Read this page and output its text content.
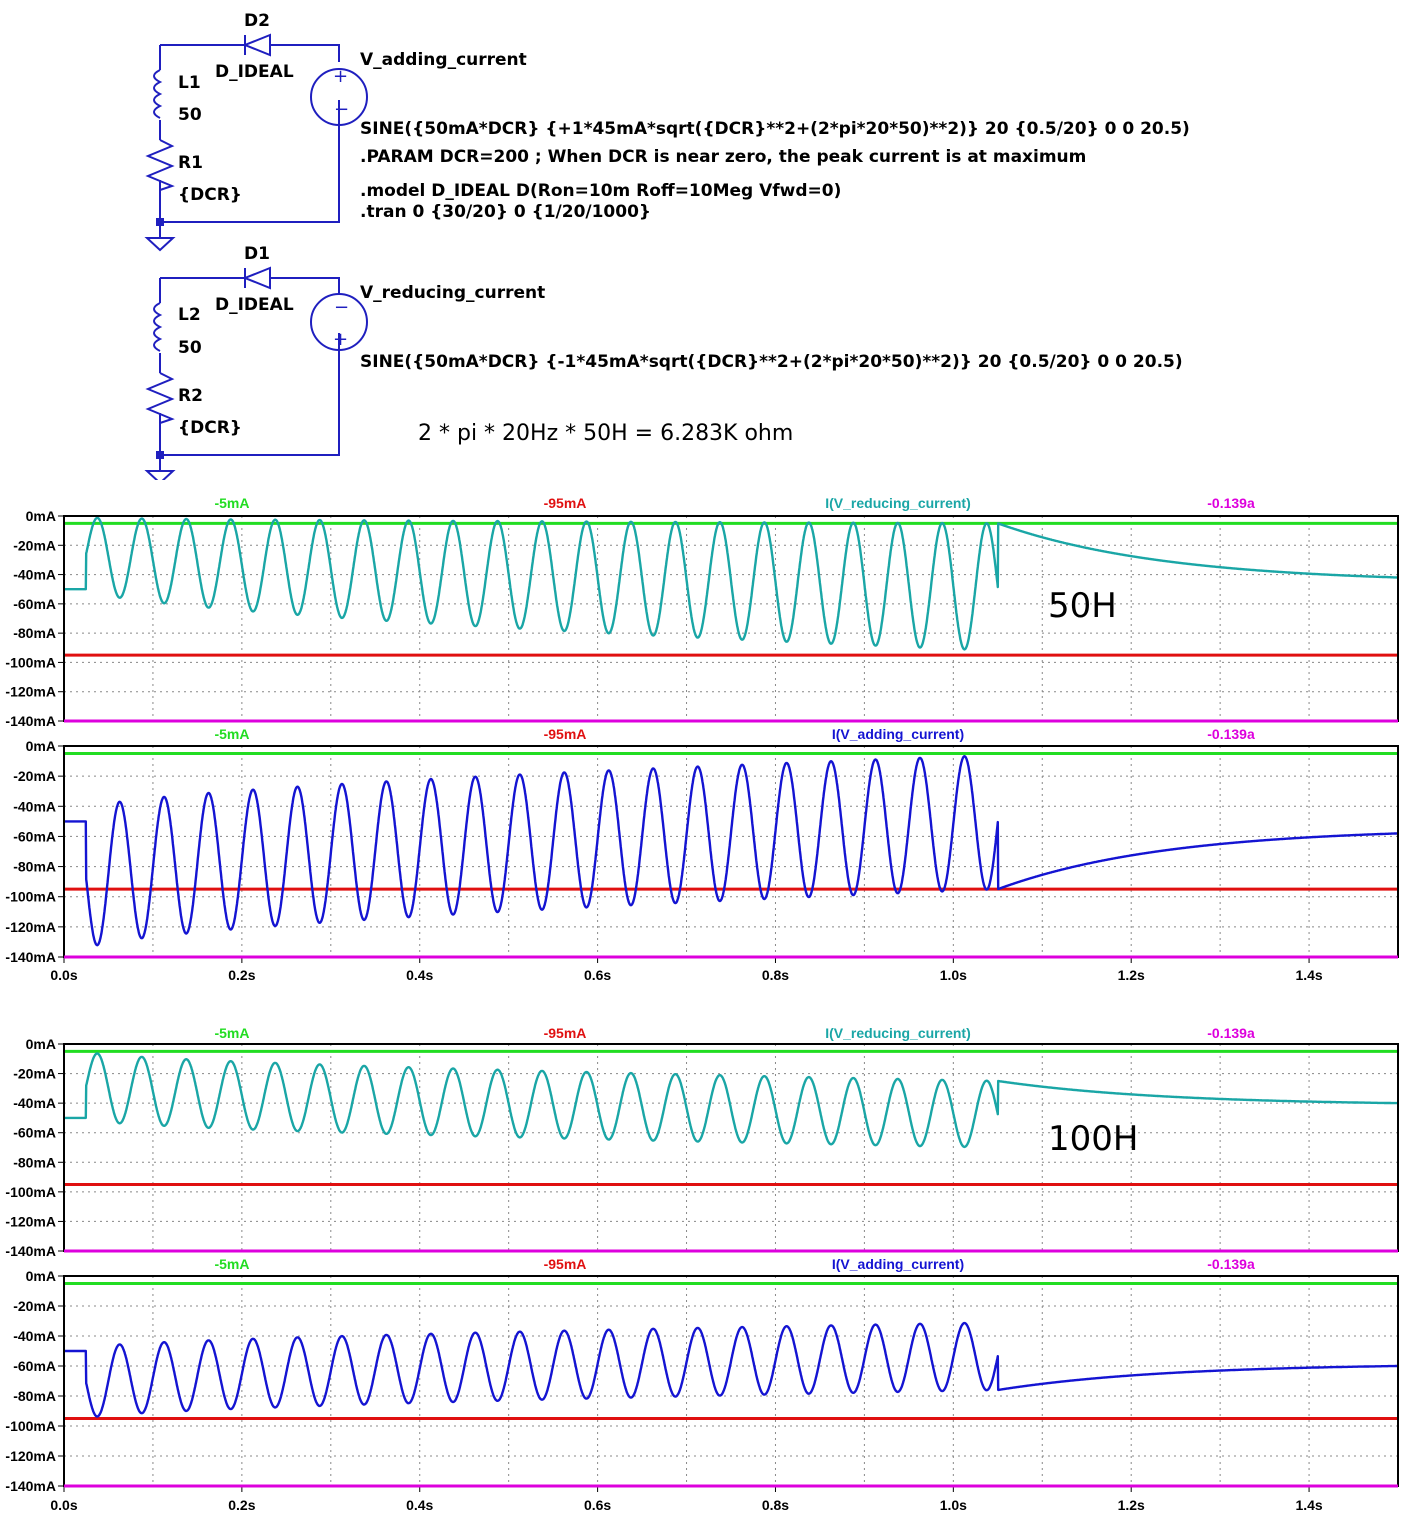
+
−
D2
D_IDEAL
L1
50
R1
{DCR}
V_adding_current
SINE({50mA*DCR} {+1*45mA*sqrt({DCR}**2+(2*pi*20*50)**2)} 20 {0.5/20} 0 0 20.5)
.PARAM DCR=200 ; When DCR is near zero, the peak current is at maximum
.model D_IDEAL D(Ron=10m Roff=10Meg Vfwd=0)
.tran 0 {30/20} 0 {1/20/1000}
−
+
D1
D_IDEAL
L2
50
R2
{DCR}
V_reducing_current
SINE({50mA*DCR} {-1*45mA*sqrt({DCR}**2+(2*pi*20*50)**2)} 20 {0.5/20} 0 0 20.5)
2 * pi * 20Hz * 50H = 6.283K ohm
0mA
-20mA
-40mA
-60mA
-80mA
-100mA
-120mA
-140mA
-5mA	-95mA	I(V_reducing_current)	-0.139a
0mA
-20mA
-40mA
-60mA
-80mA
-100mA
-120mA
-140mA
0.0s	0.2s	0.4s	0.6s	0.8s	1.0s	1.2s	1.4s
-5mA	-95mA	I(V_adding_current)	-0.139a
0mA
-20mA
-40mA
-60mA
-80mA
-100mA
-120mA
-140mA
-5mA	-95mA	I(V_reducing_current)	-0.139a
0mA
-20mA
-40mA
-60mA
-80mA
-100mA
-120mA
-140mA
0.0s	0.2s	0.4s	0.6s	0.8s	1.0s	1.2s	1.4s
-5mA	-95mA	I(V_adding_current)	-0.139a
50H
100H
